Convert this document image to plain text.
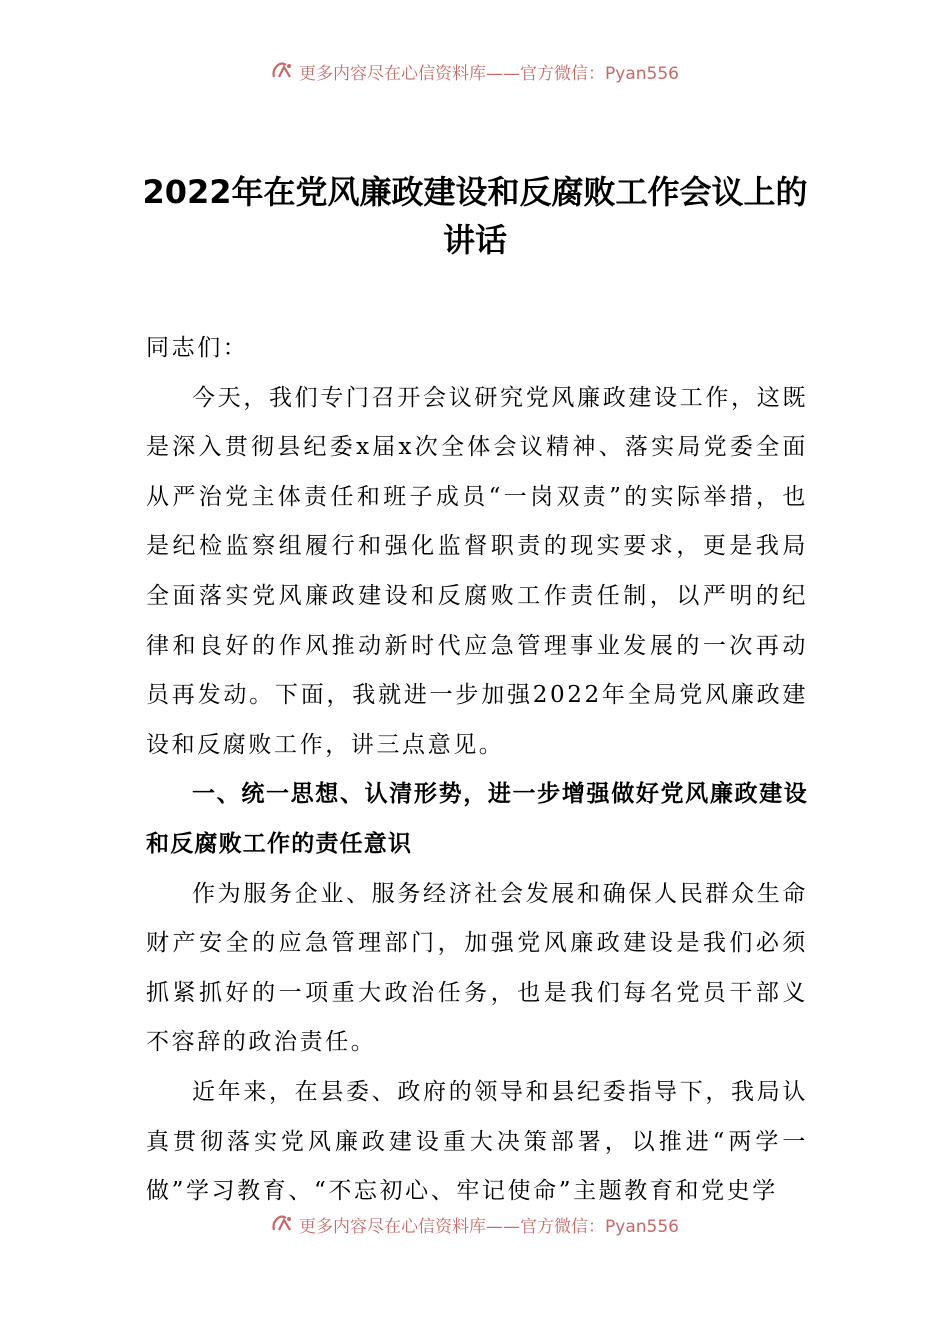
更多内容尽在心信资料库——官方微信：Pyan556
2022年在党风廉政建设和反腐败工作会议上的讲话

同志们：

今天，我们专门召开会议研究党风廉政建设工作，这既是深入贯彻县纪委x届x次全体会议精神、落实局党委全面从严治党主体责任和班子成员“一岗双责”的实际举措，也是纪检监察组履行和强化监督职责的现实要求，更是我局全面落实党风廉政建设和反腐败工作责任制，以严明的纪律和良好的作风推动新时代应急管理事业发展的一次再动员再发动。下面，我就进一步加强2022年全局党风廉政建设和反腐败工作，讲三点意见。

一、统一思想、认清形势，进一步增强做好党风廉政建设和反腐败工作的责任意识

作为服务企业、服务经济社会发展和确保人民群众生命财产安全的应急管理部门，加强党风廉政建设是我们必须抓紧抓好的一项重大政治任务，也是我们每名党员干部义不容辞的政治责任。

近年来，在县委、政府的领导和县纪委指导下，我局认真贯彻落实党风廉政建设重大决策部署，以推进“两学一做”学习教育、“不忘初心、牢记使命”主题教育和党史学

更多内容尽在心信资料库——官方微信：Pyan556
